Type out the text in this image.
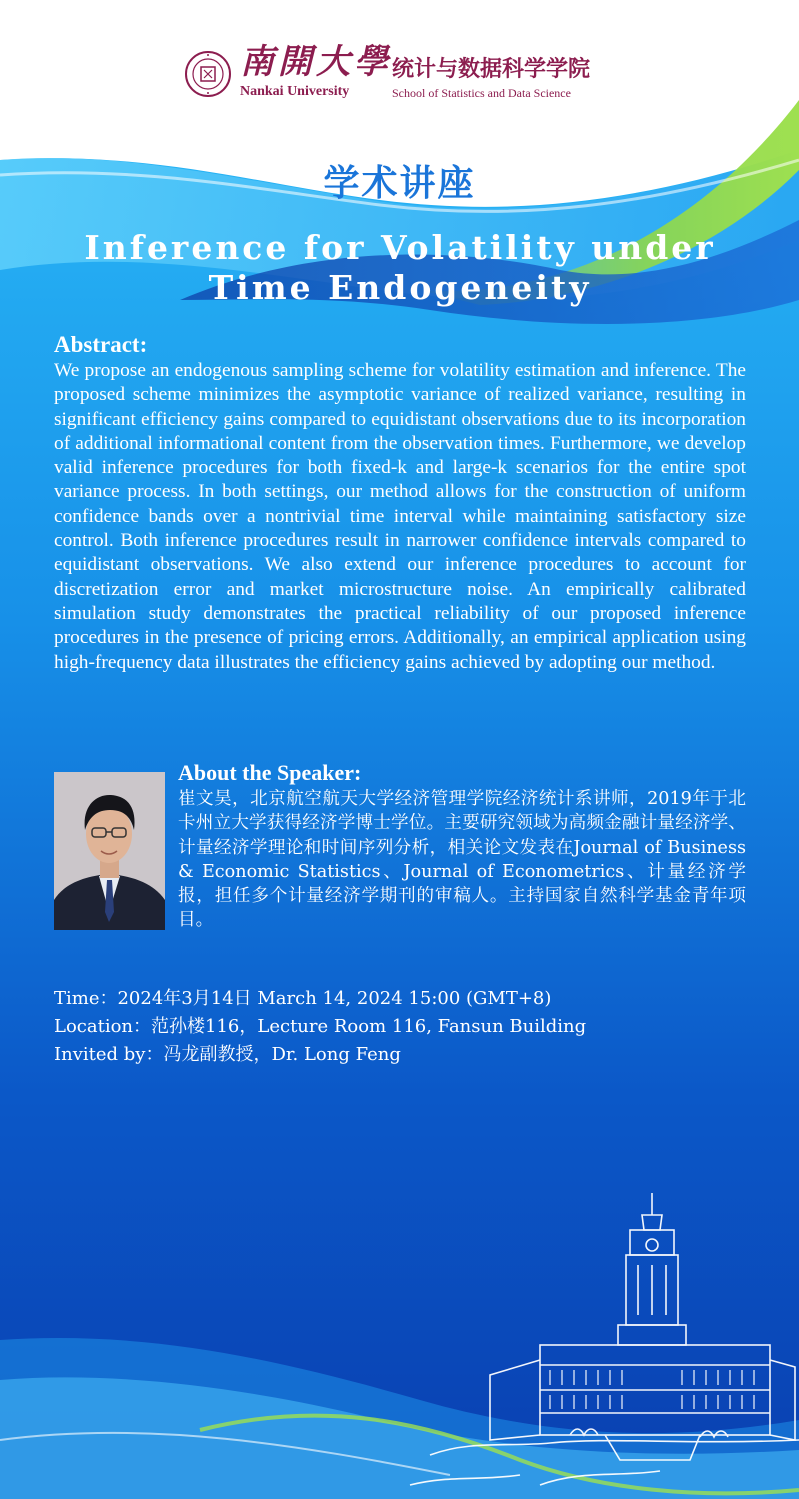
南開大學
Nankai University
统计与数据科学学院
School of Statistics and Data Science
学术讲座
Inference for Volatility under
Time Endogeneity
Abstract:
We propose an endogenous sampling scheme for volatility estimation and inference. The proposed scheme minimizes the asymptotic variance of realized variance, resulting in significant efficiency gains compared to equidistant observations due to its incorporation of additional informational content from the observation times. Furthermore, we develop valid inference procedures for both fixed-k and large-k scenarios for the entire spot variance process. In both settings, our method allows for the construction of uniform confidence bands over a nontrivial time interval while maintaining satisfactory size control. Both inference procedures result in narrower confidence intervals compared to equidistant observations. We also extend our inference procedures to account for discretization error and market microstructure noise. An empirically calibrated simulation study demonstrates the practical reliability of our proposed inference procedures in the presence of pricing errors. Additionally, an empirical application using high-frequency data illustrates the efficiency gains achieved by adopting our method.
About the Speaker:
崔文昊，北京航空航天大学经济管理学院经济统计系讲师，2019年于北卡州立大学获得经济学博士学位。主要研究领域为高频金融计量经济学、计量经济学理论和时间序列分析，相关论文发表在Journal of Business & Economic Statistics、Journal of Econometrics、计量经济学报，担任多个计量经济学期刊的审稿人。主持国家自然科学基金青年项目。
Time：2024年3月14日 March 14, 2024 15:00 (GMT+8)
Location：范孙楼116，Lecture Room 116, Fansun Building
Invited by：冯龙副教授，Dr. Long Feng
